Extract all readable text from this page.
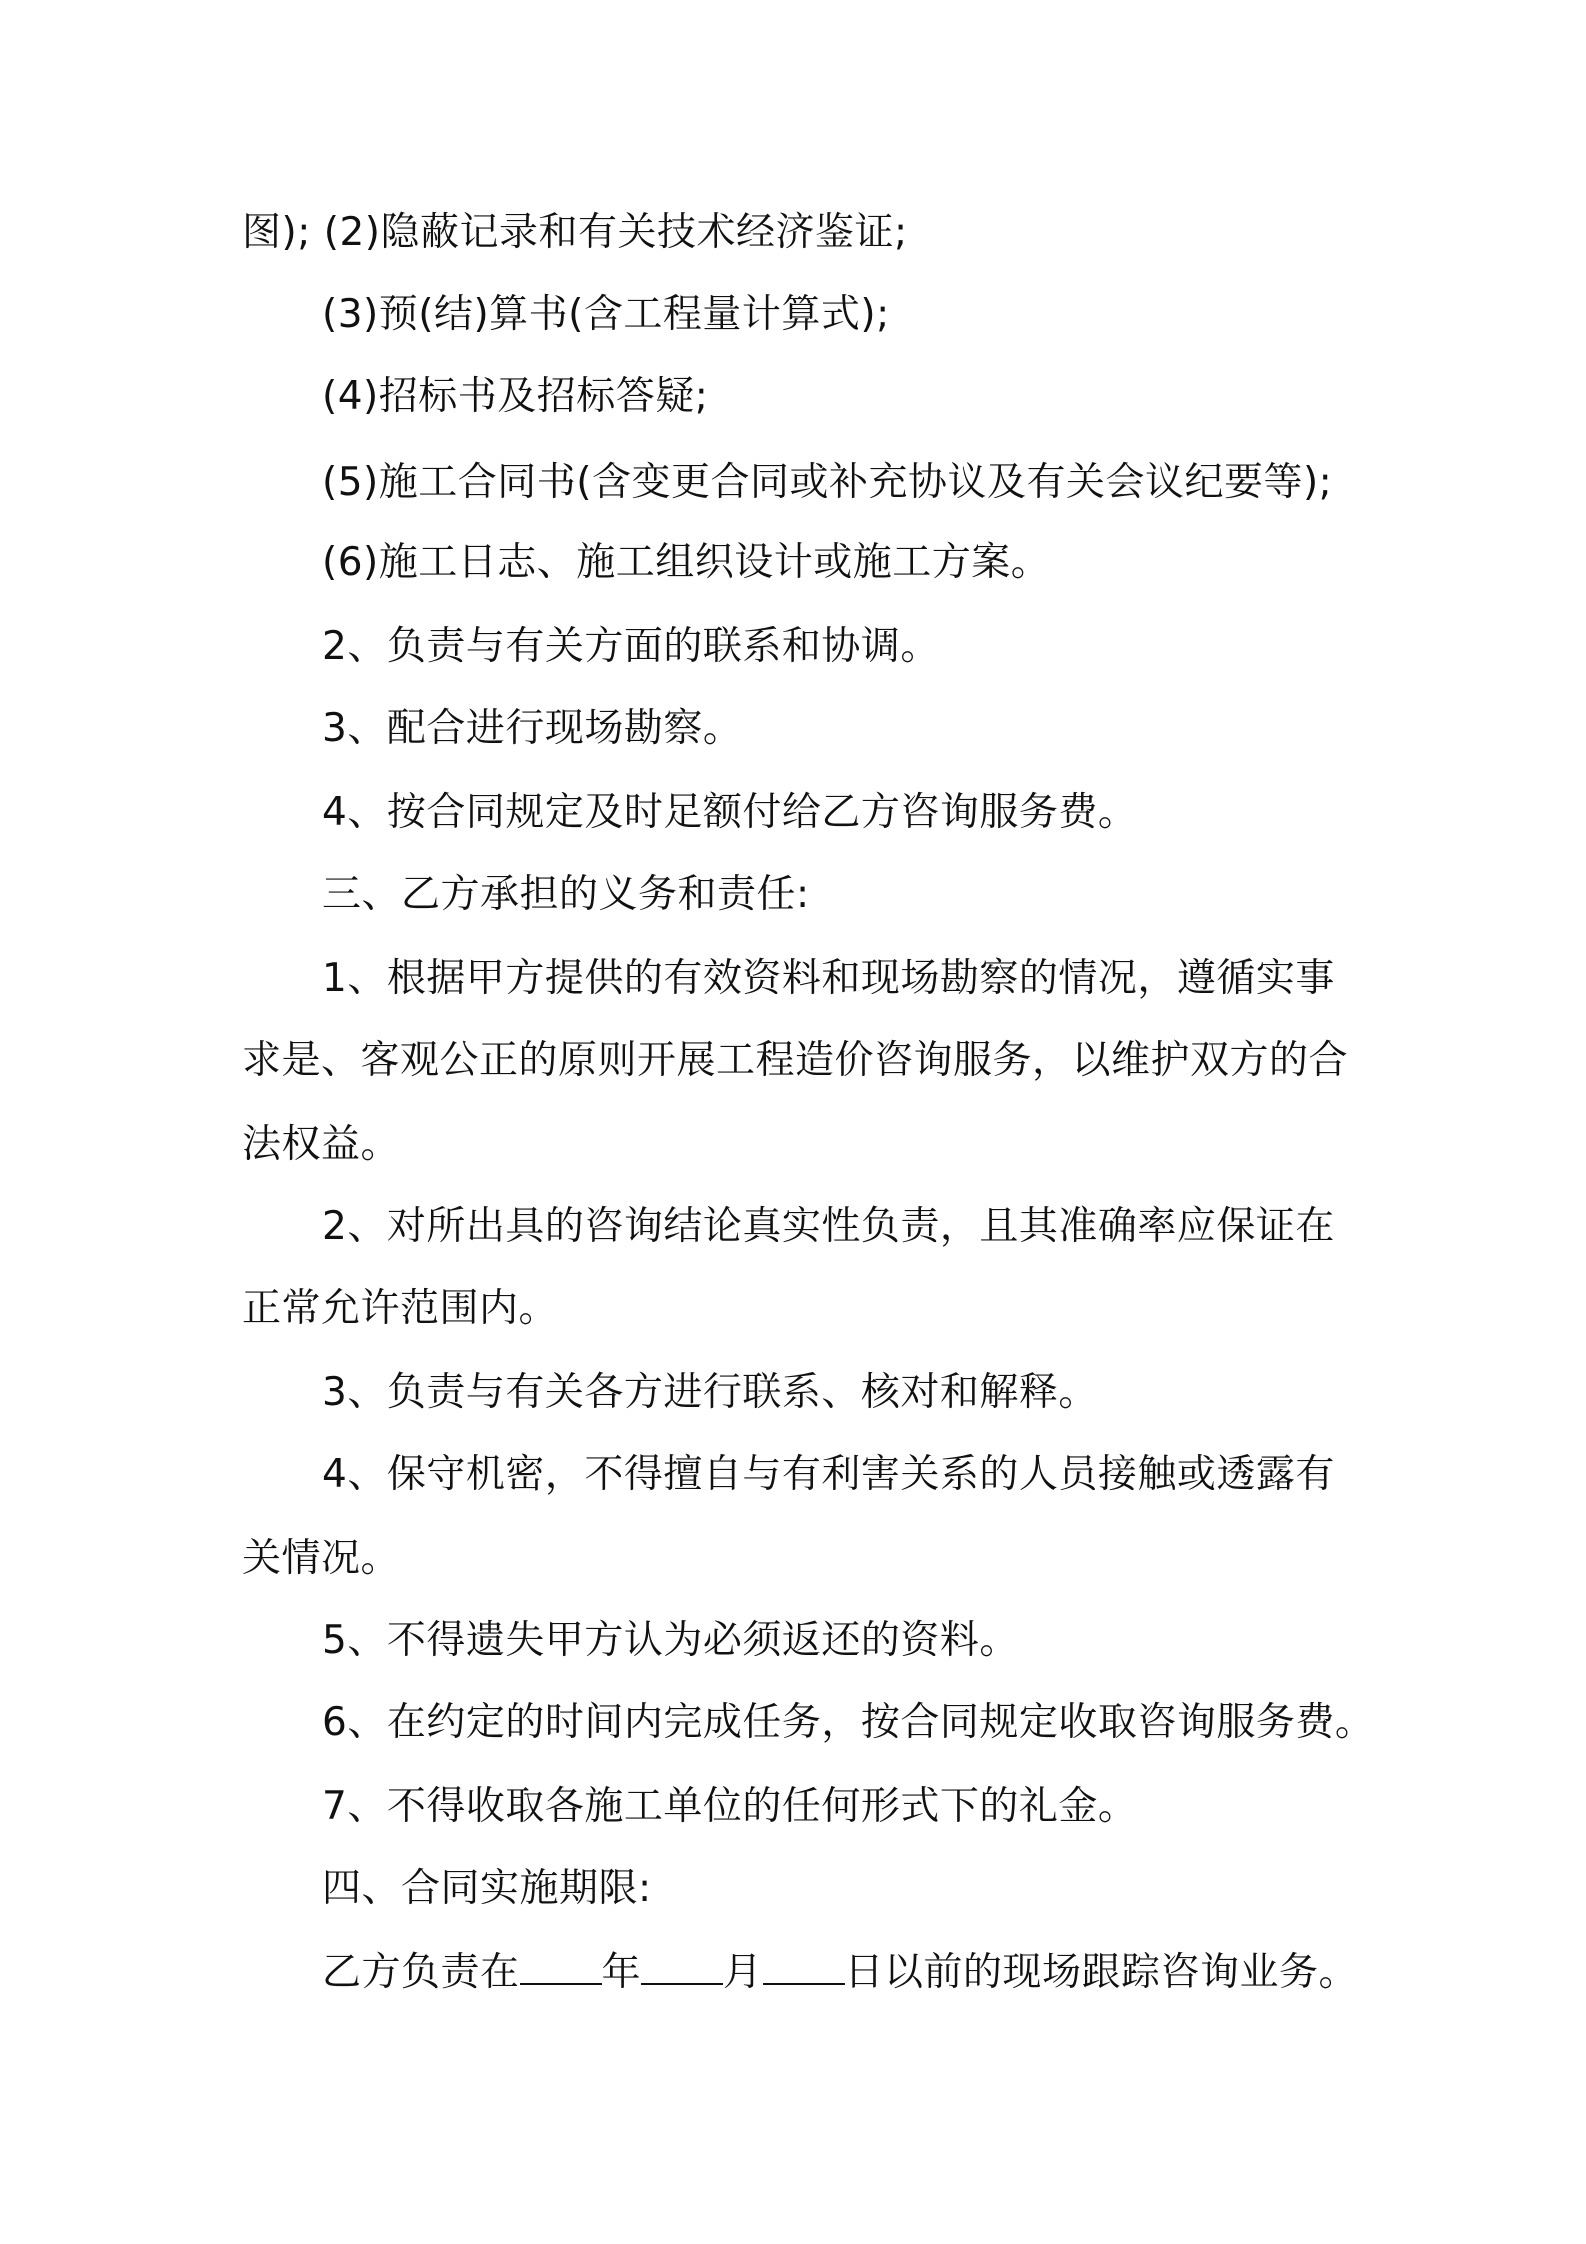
图); (2)隐蔽记录和有关技术经济鉴证;
(3)预(结)算书(含工程量计算式);
(4)招标书及招标答疑;
(5)施工合同书(含变更合同或补充协议及有关会议纪要等);
(6)施工日志、施工组织设计或施工方案。
2、负责与有关方面的联系和协调。
3、配合进行现场勘察。
4、按合同规定及时足额付给乙方咨询服务费。
三、乙方承担的义务和责任:
1、根据甲方提供的有效资料和现场勘察的情况，遵循实事
求是、客观公正的原则开展工程造价咨询服务，以维护双方的合
法权益。
2、对所出具的咨询结论真实性负责，且其准确率应保证在
正常允许范围内。
3、负责与有关各方进行联系、核对和解释。
4、保守机密，不得擅自与有利害关系的人员接触或透露有
关情况。
5、不得遗失甲方认为必须返还的资料。
6、在约定的时间内完成任务，按合同规定收取咨询服务费。
7、不得收取各施工单位的任何形式下的礼金。
四、合同实施期限:
乙方负责在 年 月 日以前的现场跟踪咨询业务。
